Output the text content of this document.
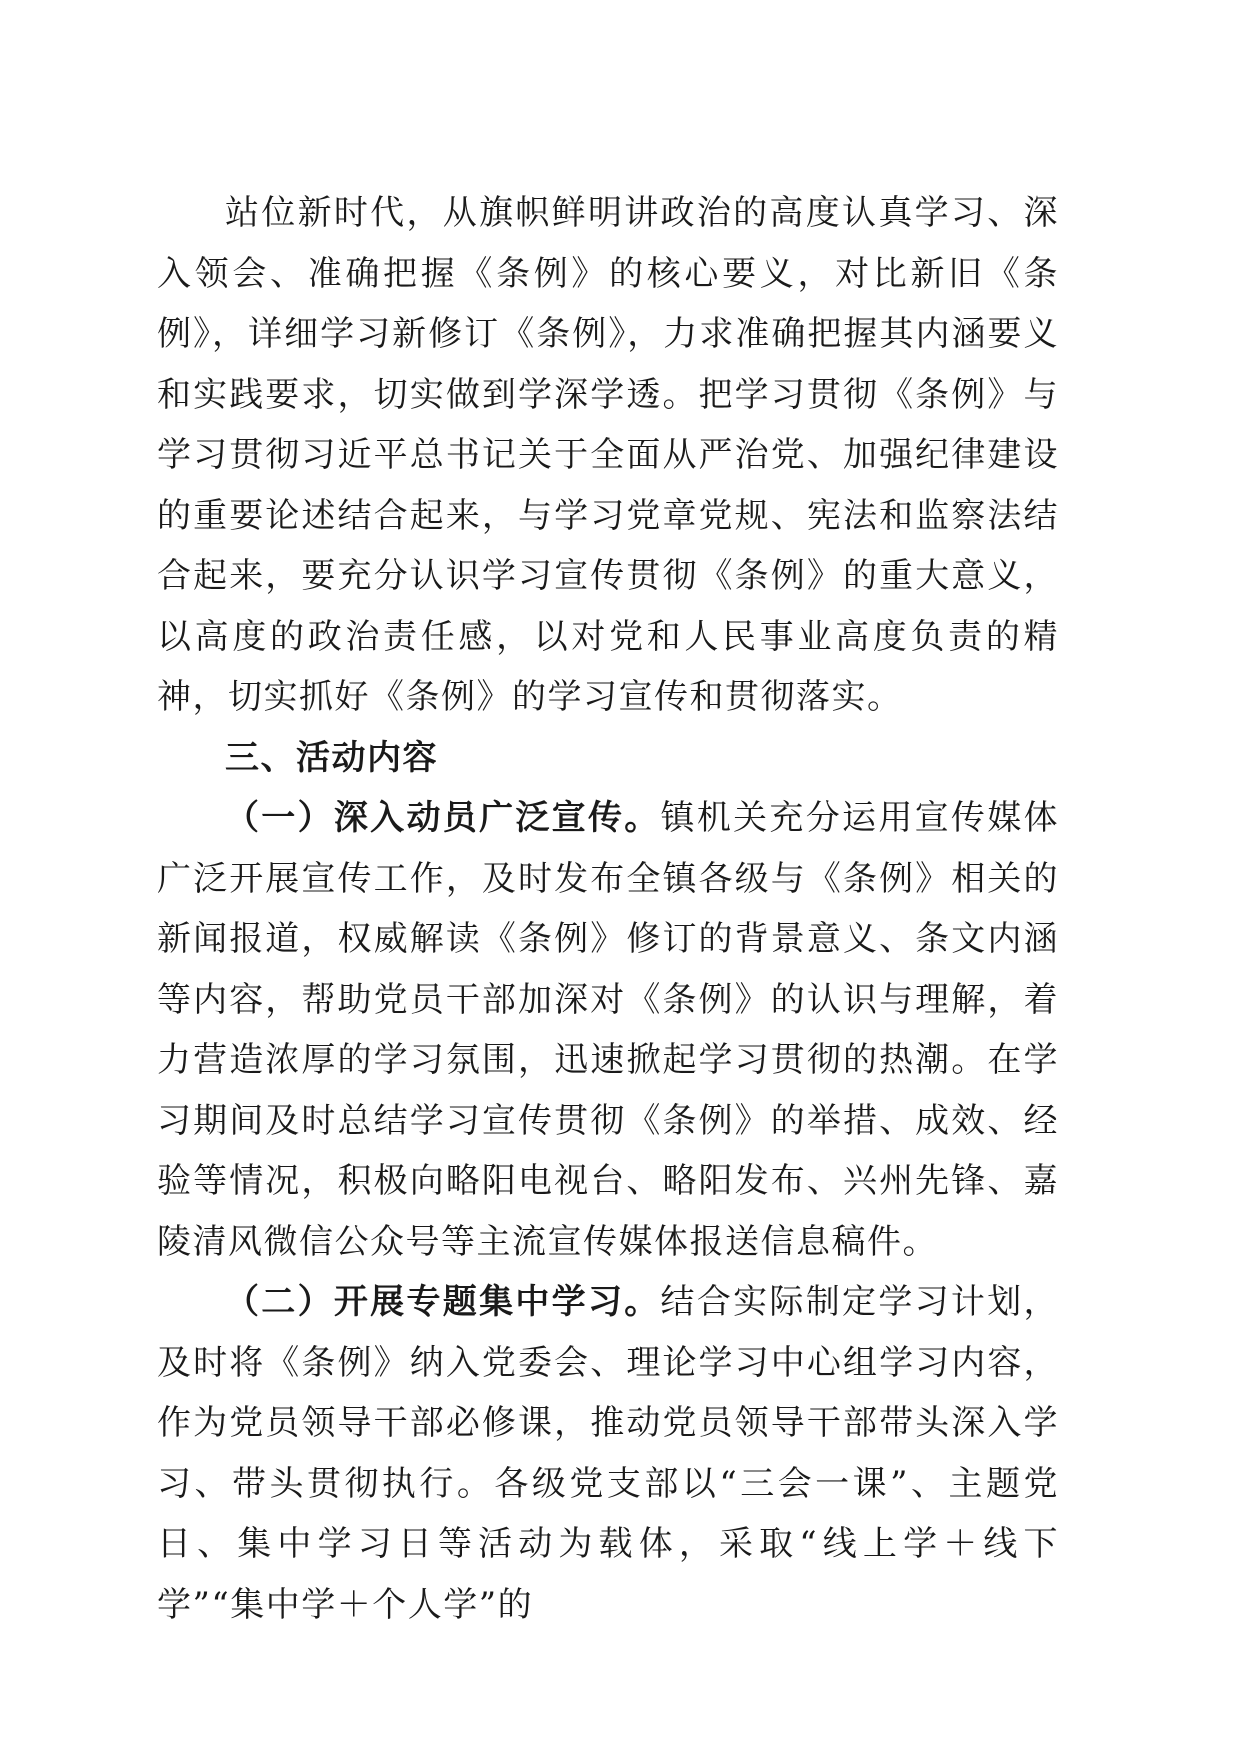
站位新时代，从旗帜鲜明讲政治的高度认真学习、深入领会、准确把握《条例》的核心要义，对比新旧《条例》，详细学习新修订《条例》，力求准确把握其内涵要义和实践要求，切实做到学深学透。把学习贯彻《条例》与学习贯彻习近平总书记关于全面从严治党、加强纪律建设的重要论述结合起来，与学习党章党规、宪法和监察法结合起来，要充分认识学习宣传贯彻《条例》的重大意义，以高度的政治责任感，以对党和人民事业高度负责的精神，切实抓好《条例》的学习宣传和贯彻落实。

三、活动内容

（一）深入动员广泛宣传。镇机关充分运用宣传媒体广泛开展宣传工作，及时发布全镇各级与《条例》相关的新闻报道，权威解读《条例》修订的背景意义、条文内涵等内容，帮助党员干部加深对《条例》的认识与理解，着力营造浓厚的学习氛围，迅速掀起学习贯彻的热潮。在学习期间及时总结学习宣传贯彻《条例》的举措、成效、经验等情况，积极向略阳电视台、略阳发布、兴州先锋、嘉陵清风微信公众号等主流宣传媒体报送信息稿件。

（二）开展专题集中学习。结合实际制定学习计划，及时将《条例》纳入党委会、理论学习中心组学习内容，作为党员领导干部必修课，推动党员领导干部带头深入学习、带头贯彻执行。各级党支部以“三会一课”、主题党日、集中学习日等活动为载体，采取“线上学＋线下学”“集中学＋个人学”的
